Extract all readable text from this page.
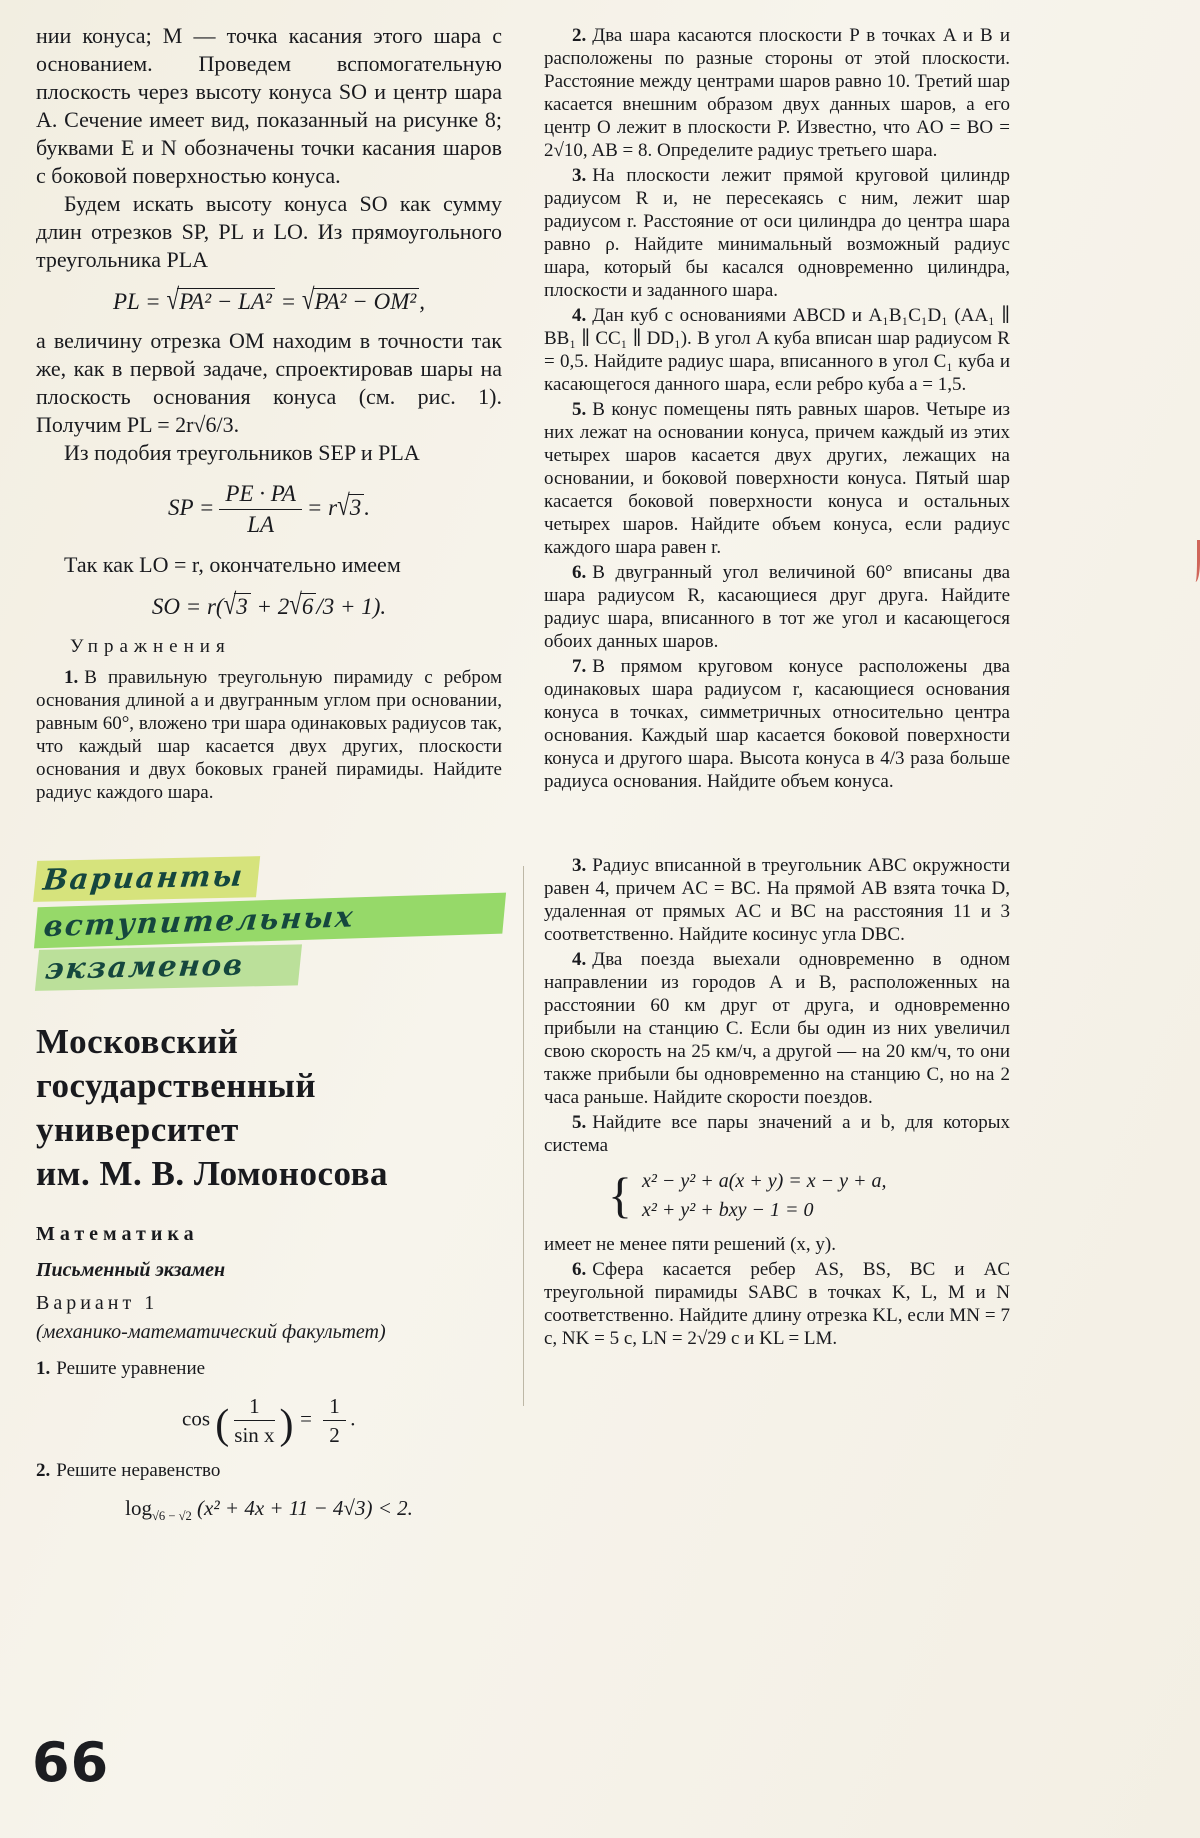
нии конуса; M — точка касания этого шара с основанием. Проведем вспомогательную плоскость через высоту конуса SO и центр шара A. Сечение имеет вид, показанный на рисунке 8; буквами E и N обозначены точки касания шаров с боковой поверхностью конуса.

Будем искать высоту конуса SO как сумму длин отрезков SP, PL и LO. Из прямоугольного треугольника PLA

PL = √PA² − LA² = √PA² − OM² ,

а величину отрезка OM находим в точности так же, как в первой задаче, спроектировав шары на плоскость основания конуса (см. рис. 1). Получим PL = 2r√6/3.

Из подобия треугольников SEP и PLA

SP = $\frac{PE \cdot PA}{LA} = r√3$ .

Так как LO = r, окончательно имеем

SO = r(√3 + 2√6 /3 + 1).
Упражнения

1. В правильную треугольную пирамиду с ребром основания длиной a и двугранным углом при основании, равным 60°, вложено три шара одинаковых радиусов так, что каждый шар касается двух других, плоскости основания и двух боковых граней пирамиды. Найдите радиус каждого шара.

2. Два шара касаются плоскости P в точках A и B и расположены по разные стороны от этой плоскости. Расстояние между центрами шаров равно 10. Третий шар касается внешним образом двух данных шаров, а его центр O лежит в плоскости P. Известно, что AO = BO = 2√10, AB = 8. Определите радиус третьего шара.

3. На плоскости лежит прямой круговой цилиндр радиусом R и, не пересекаясь с ним, лежит шар радиусом r. Расстояние от оси цилиндра до центра шара равно ρ. Найдите минимальный возможный радиус шара, который бы касался одновременно цилиндра, плоскости и заданного шара.

4. Дан куб с основаниями ABCD и A₁B₁C₁D₁ (AA₁ ∥ BB₁ ∥ CC₁ ∥ DD₁). В угол A куба вписан шар радиусом R = 0,5. Найдите радиус шара, вписанного в угол C₁ куба и касающегося данного шара, если ребро куба a = 1,5.

5. В конус помещены пять равных шаров. Четыре из них лежат на основании конуса, причем каждый из этих четырех шаров касается двух других, лежащих на основании, и боковой поверхности конуса. Пятый шар касается боковой поверхности конуса и остальных четырех шаров. Найдите объем конуса, если радиус каждого шара равен r.

6. В двугранный угол величиной 60° вписаны два шара радиусом R, касающиеся друг друга. Найдите радиус шара, вписанного в тот же угол и касающегося обоих данных шаров.

7. В прямом круговом конусе расположены два одинаковых шара радиусом r, касающиеся основания конуса в точках, симметричных относительно центра основания. Каждый шар касается боковой поверхности конуса и другого шара. Высота конуса в 4/3 раза больше радиуса основания. Найдите объем конуса.

Варианты
вступительных
экзаменов
Московский
государственный
университет
им. М. В. Ломоносова
Математика
Письменный экзамен
Вариант 1
(механико-математический факультет)

1. Решите уравнение

cos ( $\frac{1}{\text{sin x}}$ ) = $\frac{1}{2}$ .

2. Решите неравенство

$\log_{√6 - √2} (x^2 + 4x + 11 - 4√3) < 2$.

3. Радиус вписанной в треугольник ABC окружности равен 4, причем AC = BC. На прямой AB взята точка D, удаленная от прямых AC и BC на расстояния 11 и 3 соответственно. Найдите косинус угла DBC.

4. Два поезда выехали одновременно в одном направлении из городов A и B, расположенных на расстоянии 60 км друг от друга, и одновременно прибыли на станцию C. Если бы один из них увеличил свою скорость на 25 км/ч, а другой — на 20 км/ч, то они также прибыли бы одновременно на станцию C, но на 2 часа раньше. Найдите скорости поездов.

5. Найдите все пары значений a и b, для которых система

{ x² − y² + a(x + y) = x − y + a,
x² + y² + bxy − 1 = 0

имеет не менее пяти решений (x, y).

6. Сфера касается ребер AS, BS, BC и AC треугольной пирамиды SABC в точках K, L, M и N соответственно. Найдите длину отрезка KL, если MN = 7 с, NK = 5 с, LN = 2√29 с и KL = LM.

66
